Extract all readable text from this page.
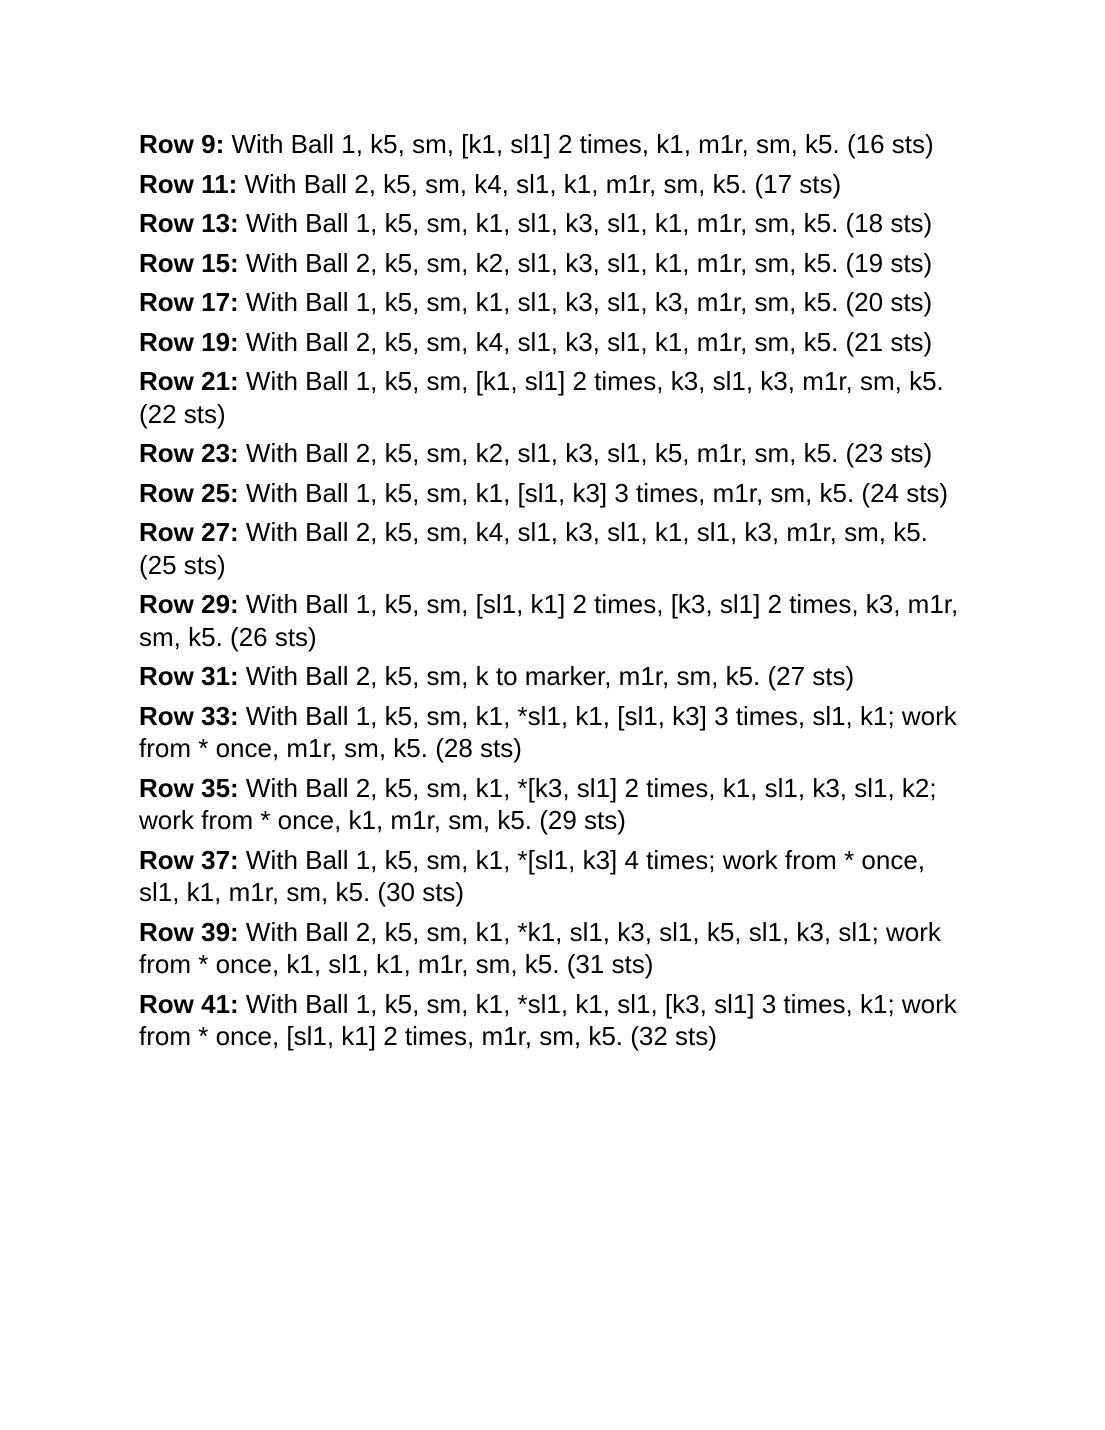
Row 9: With Ball 1, k5, sm, [k1, sl1] 2 times, k1, m1r, sm, k5. (16 sts)

Row 11: With Ball 2, k5, sm, k4, sl1, k1, m1r, sm, k5. (17 sts)

Row 13: With Ball 1, k5, sm, k1, sl1, k3, sl1, k1, m1r, sm, k5. (18 sts)

Row 15: With Ball 2, k5, sm, k2, sl1, k3, sl1, k1, m1r, sm, k5. (19 sts)

Row 17: With Ball 1, k5, sm, k1, sl1, k3, sl1, k3, m1r, sm, k5. (20 sts)

Row 19: With Ball 2, k5, sm, k4, sl1, k3, sl1, k1, m1r, sm, k5. (21 sts)

Row 21: With Ball 1, k5, sm, [k1, sl1] 2 times, k3, sl1, k3, m1r, sm, k5. (22 sts)

Row 23: With Ball 2, k5, sm, k2, sl1, k3, sl1, k5, m1r, sm, k5. (23 sts)

Row 25: With Ball 1, k5, sm, k1, [sl1, k3] 3 times, m1r, sm, k5. (24 sts)

Row 27: With Ball 2, k5, sm, k4, sl1, k3, sl1, k1, sl1, k3, m1r, sm, k5. (25 sts)

Row 29: With Ball 1, k5, sm, [sl1, k1] 2 times, [k3, sl1] 2 times, k3, m1r, sm, k5. (26 sts)

Row 31: With Ball 2, k5, sm, k to marker, m1r, sm, k5. (27 sts)

Row 33: With Ball 1, k5, sm, k1, *sl1, k1, [sl1, k3] 3 times, sl1, k1; work from * once, m1r, sm, k5. (28 sts)

Row 35: With Ball 2, k5, sm, k1, *[k3, sl1] 2 times, k1, sl1, k3, sl1, k2; work from * once, k1, m1r, sm, k5. (29 sts)

Row 37: With Ball 1, k5, sm, k1, *[sl1, k3] 4 times; work from * once, sl1, k1, m1r, sm, k5. (30 sts)

Row 39: With Ball 2, k5, sm, k1, *k1, sl1, k3, sl1, k5, sl1, k3, sl1; work from * once, k1, sl1, k1, m1r, sm, k5. (31 sts)

Row 41: With Ball 1, k5, sm, k1, *sl1, k1, sl1, [k3, sl1] 3 times, k1; work from * once, [sl1, k1] 2 times, m1r, sm, k5. (32 sts)
